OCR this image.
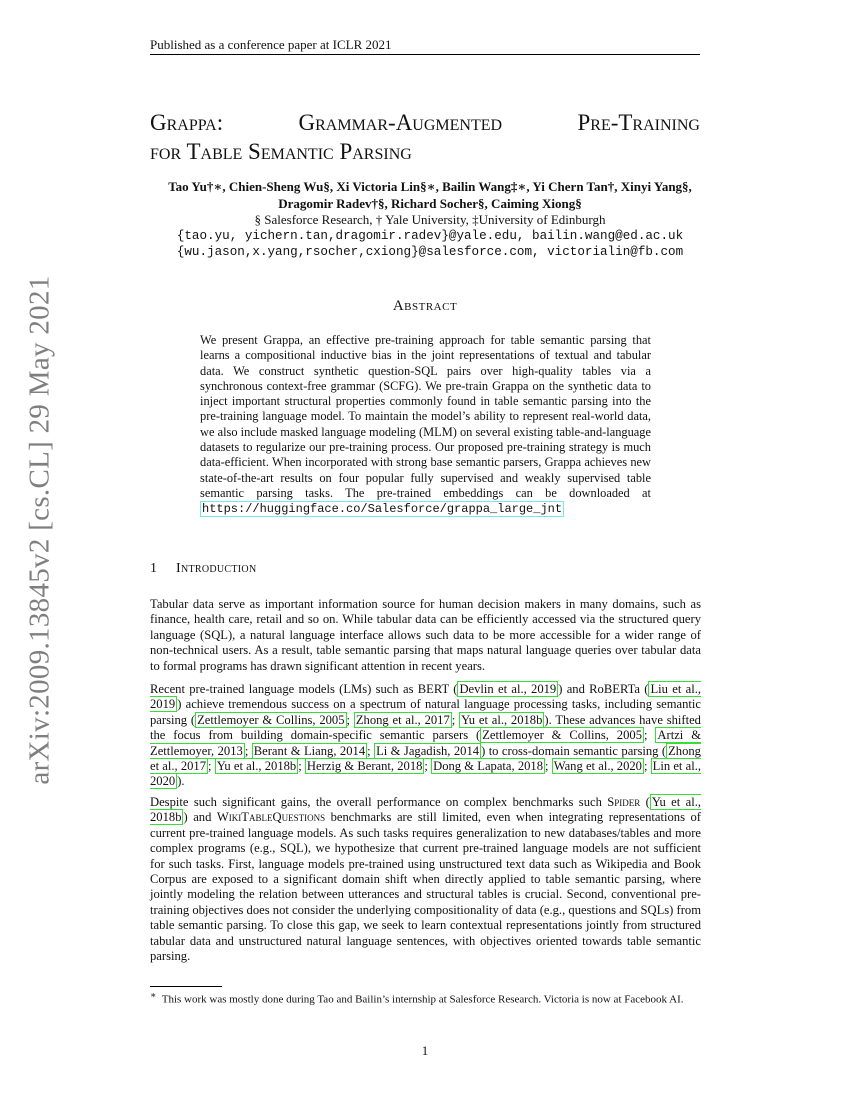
Published as a conference paper at ICLR 2021
arXiv:2009.13845v2 [cs.CL] 29 May 2021
Grappa:	Grammar-Augmented	Pre-Training
for Table Semantic Parsing
Tao Yu†∗, Chien-Sheng Wu§, Xi Victoria Lin§∗, Bailin Wang‡∗, Yi Chern Tan†, Xinyi Yang§,
Dragomir Radev†§, Richard Socher§, Caiming Xiong§
§ Salesforce Research, † Yale University, ‡University of Edinburgh
{tao.yu, yichern.tan,dragomir.radev}@yale.edu, bailin.wang@ed.ac.uk
{wu.jason,x.yang,rsocher,cxiong}@salesforce.com, victorialin@fb.com
Abstract
We present Grappa, an effective pre-training approach for table semantic parsing that learns a compositional inductive bias in the joint representations of textual and tabular data. We construct synthetic question-SQL pairs over high-quality tables via a synchronous context-free grammar (SCFG). We pre-train Grappa on the synthetic data to inject important structural properties commonly found in table semantic parsing into the pre-training language model. To maintain the model’s ability to represent real-world data, we also include masked language modeling (MLM) on several existing table-and-language datasets to regularize our pre-training process. Our proposed pre-training strategy is much data-efficient. When incorporated with strong base semantic parsers, Grappa achieves new state-of-the-art results on four popular fully supervised and weakly supervised table semantic parsing tasks. The pre-trained embeddings can be downloaded at https://huggingface.co/Salesforce/grappa_large_jnt
1 Introduction
Tabular data serve as important information source for human decision makers in many domains, such as finance, health care, retail and so on. While tabular data can be efficiently accessed via the structured query language (SQL), a natural language interface allows such data to be more accessible for a wider range of non-technical users. As a result, table semantic parsing that maps natural language queries over tabular data to formal programs has drawn significant attention in recent years.
Recent pre-trained language models (LMs) such as BERT ( Devlin et al., 2019 ) and RoBERTa ( Liu et al., 2019 ) achieve tremendous success on a spectrum of natural language processing tasks, including semantic parsing ( Zettlemoyer & Collins, 2005 ; Zhong et al., 2017 ; Yu et al., 2018b ). These advances have shifted the focus from building domain-specific semantic parsers ( Zettlemoyer & Collins, 2005 ; Artzi & Zettlemoyer, 2013 ; Berant & Liang, 2014 ; Li & Jagadish, 2014 ) to cross-domain semantic parsing ( Zhong et al., 2017 ; Yu et al., 2018b ; Herzig & Berant, 2018 ; Dong & Lapata, 2018 ; Wang et al., 2020 ; Lin et al., 2020 ).
Despite such significant gains, the overall performance on complex benchmarks such Spider ( Yu et al., 2018b ) and WikiTableQuestions benchmarks are still limited, even when integrating representations of current pre-trained language models. As such tasks requires generalization to new databases/tables and more complex programs (e.g., SQL), we hypothesize that current pre-trained language models are not sufficient for such tasks. First, language models pre-trained using unstructured text data such as Wikipedia and Book Corpus are exposed to a significant domain shift when directly applied to table semantic parsing, where jointly modeling the relation between utterances and structural tables is crucial. Second, conventional pre-training objectives does not consider the underlying compositionality of data (e.g., questions and SQLs) from table semantic parsing. To close this gap, we seek to learn contextual representations jointly from structured tabular data and unstructured natural language sentences, with objectives oriented towards table semantic parsing.
∗ This work was mostly done during Tao and Bailin’s internship at Salesforce Research. Victoria is now at Facebook AI.
1
